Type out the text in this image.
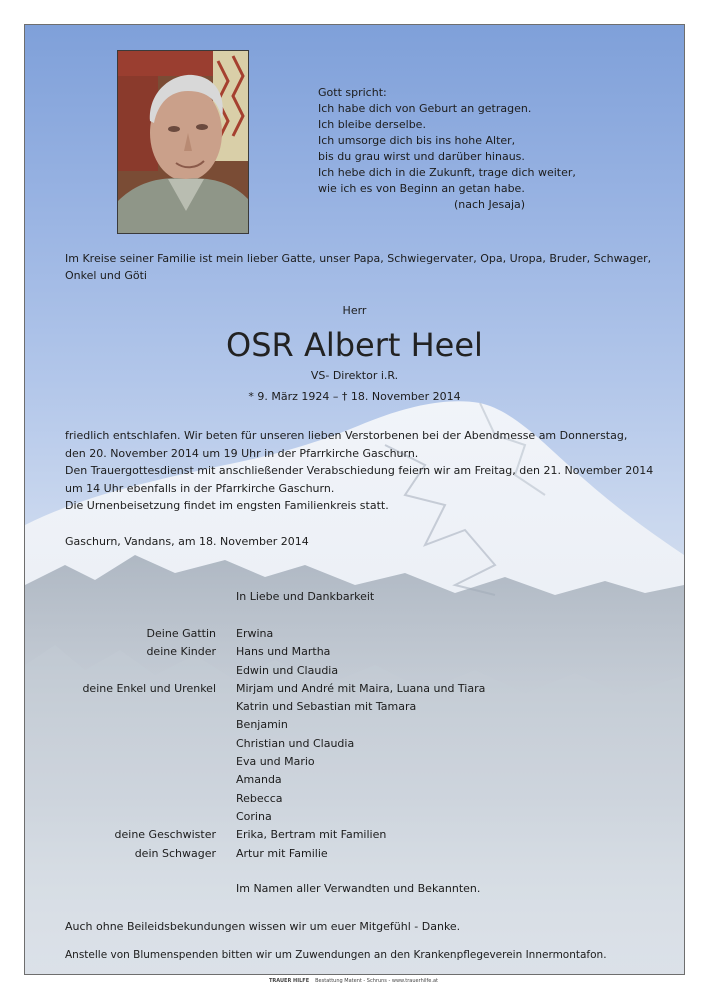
Gott spricht:
Ich habe dich von Geburt an getragen.
Ich bleibe derselbe.
Ich umsorge dich bis ins hohe Alter,
bis du grau wirst und darüber hinaus.
Ich hebe dich in die Zukunft, trage dich weiter,
wie ich es von Beginn an getan habe.
(nach Jesaja)
Im Kreise seiner Familie ist mein lieber Gatte, unser Papa, Schwiegervater, Opa, Uropa, Bruder, Schwager,
Onkel und Göti
Herr
OSR Albert Heel
VS- Direktor i.R.
* 9. März 1924 – † 18. November 2014
friedlich entschlafen. Wir beten für unseren lieben Verstorbenen bei der Abendmesse am Donnerstag,
den 20. November 2014 um 19 Uhr in der Pfarrkirche Gaschurn.
Den Trauergottesdienst mit anschließender Verabschiedung feiern wir am Freitag, den 21. November 2014
um 14 Uhr ebenfalls in der Pfarrkirche Gaschurn.
Die Urnenbeisetzung findet im engsten Familienkreis statt.
Gaschurn, Vandans, am 18. November 2014
In Liebe und Dankbarkeit
Deine Gattin Erwina
deine Kinder Hans und Martha
Edwin und Claudia
deine Enkel und Urenkel Mirjam und André mit Maira, Luana und Tiara
Katrin und Sebastian mit Tamara
Benjamin
Christian und Claudia
Eva und Mario
Amanda
Rebecca
Corina
deine Geschwister Erika, Bertram mit Familien
dein Schwager Artur mit Familie
Im Namen aller Verwandten und Bekannten.
Auch ohne Beileidsbekundungen wissen wir um euer Mitgefühl - Danke.
Anstelle von Blumenspenden bitten wir um Zuwendungen an den Krankenpflegeverein Innermontafon.
TRAUER HILFE Bestattung Matent - Schruns - www.trauerhilfe.at
